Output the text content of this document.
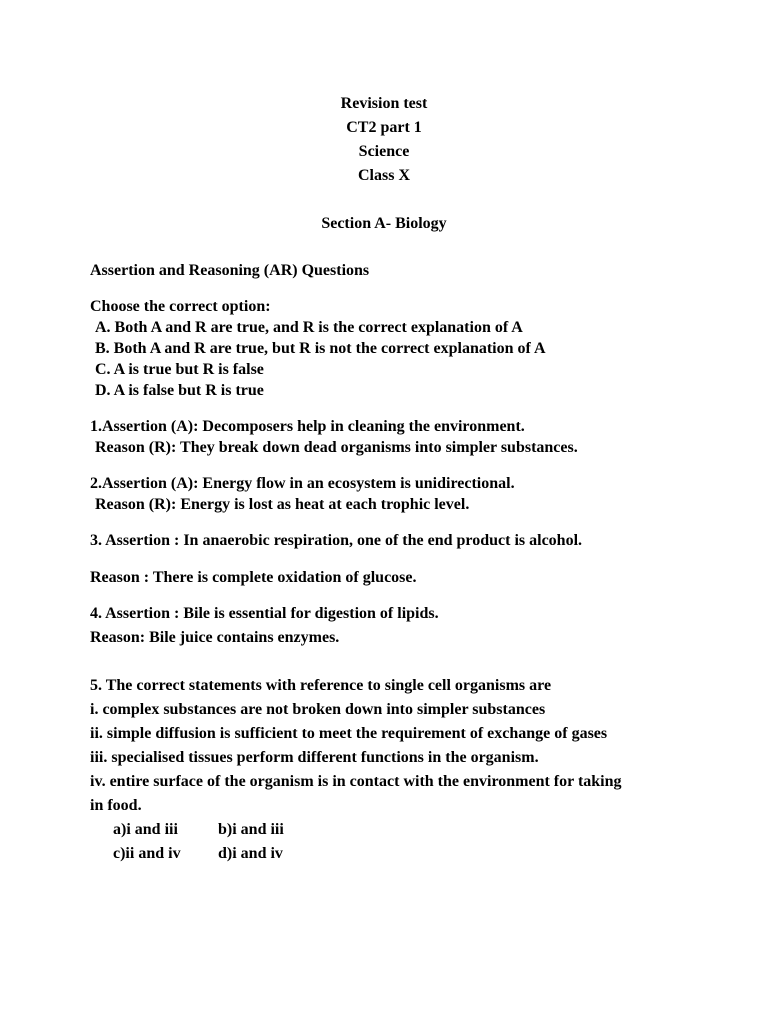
Revision test

CT2 part 1

Science

Class X

Section A- Biology

Assertion and Reasoning (AR) Questions

Choose the correct option:

A. Both A and R are true, and R is the correct explanation of A

B. Both A and R are true, but R is not the correct explanation of A

C. A is true but R is false

D. A is false but R is true

1.Assertion (A): Decomposers help in cleaning the environment.

Reason (R): They break down dead organisms into simpler substances.

2.Assertion (A): Energy flow in an ecosystem is unidirectional.

Reason (R): Energy is lost as heat at each trophic level.

3. Assertion : In anaerobic respiration, one of the end product is alcohol.

Reason : There is complete oxidation of glucose.

4. Assertion : Bile is essential for digestion of lipids.

Reason: Bile juice contains enzymes.

5. The correct statements with reference to single cell organisms are

i. complex substances are not broken down into simpler substances

ii. simple diffusion is sufficient to meet the requirement of exchange of gases

iii. specialised tissues perform different functions in the organism.

iv. entire surface of the organism is in contact with the environment for taking

in food.

a)i and iii	b)i and iii
c)ii and iv d)i and iv
